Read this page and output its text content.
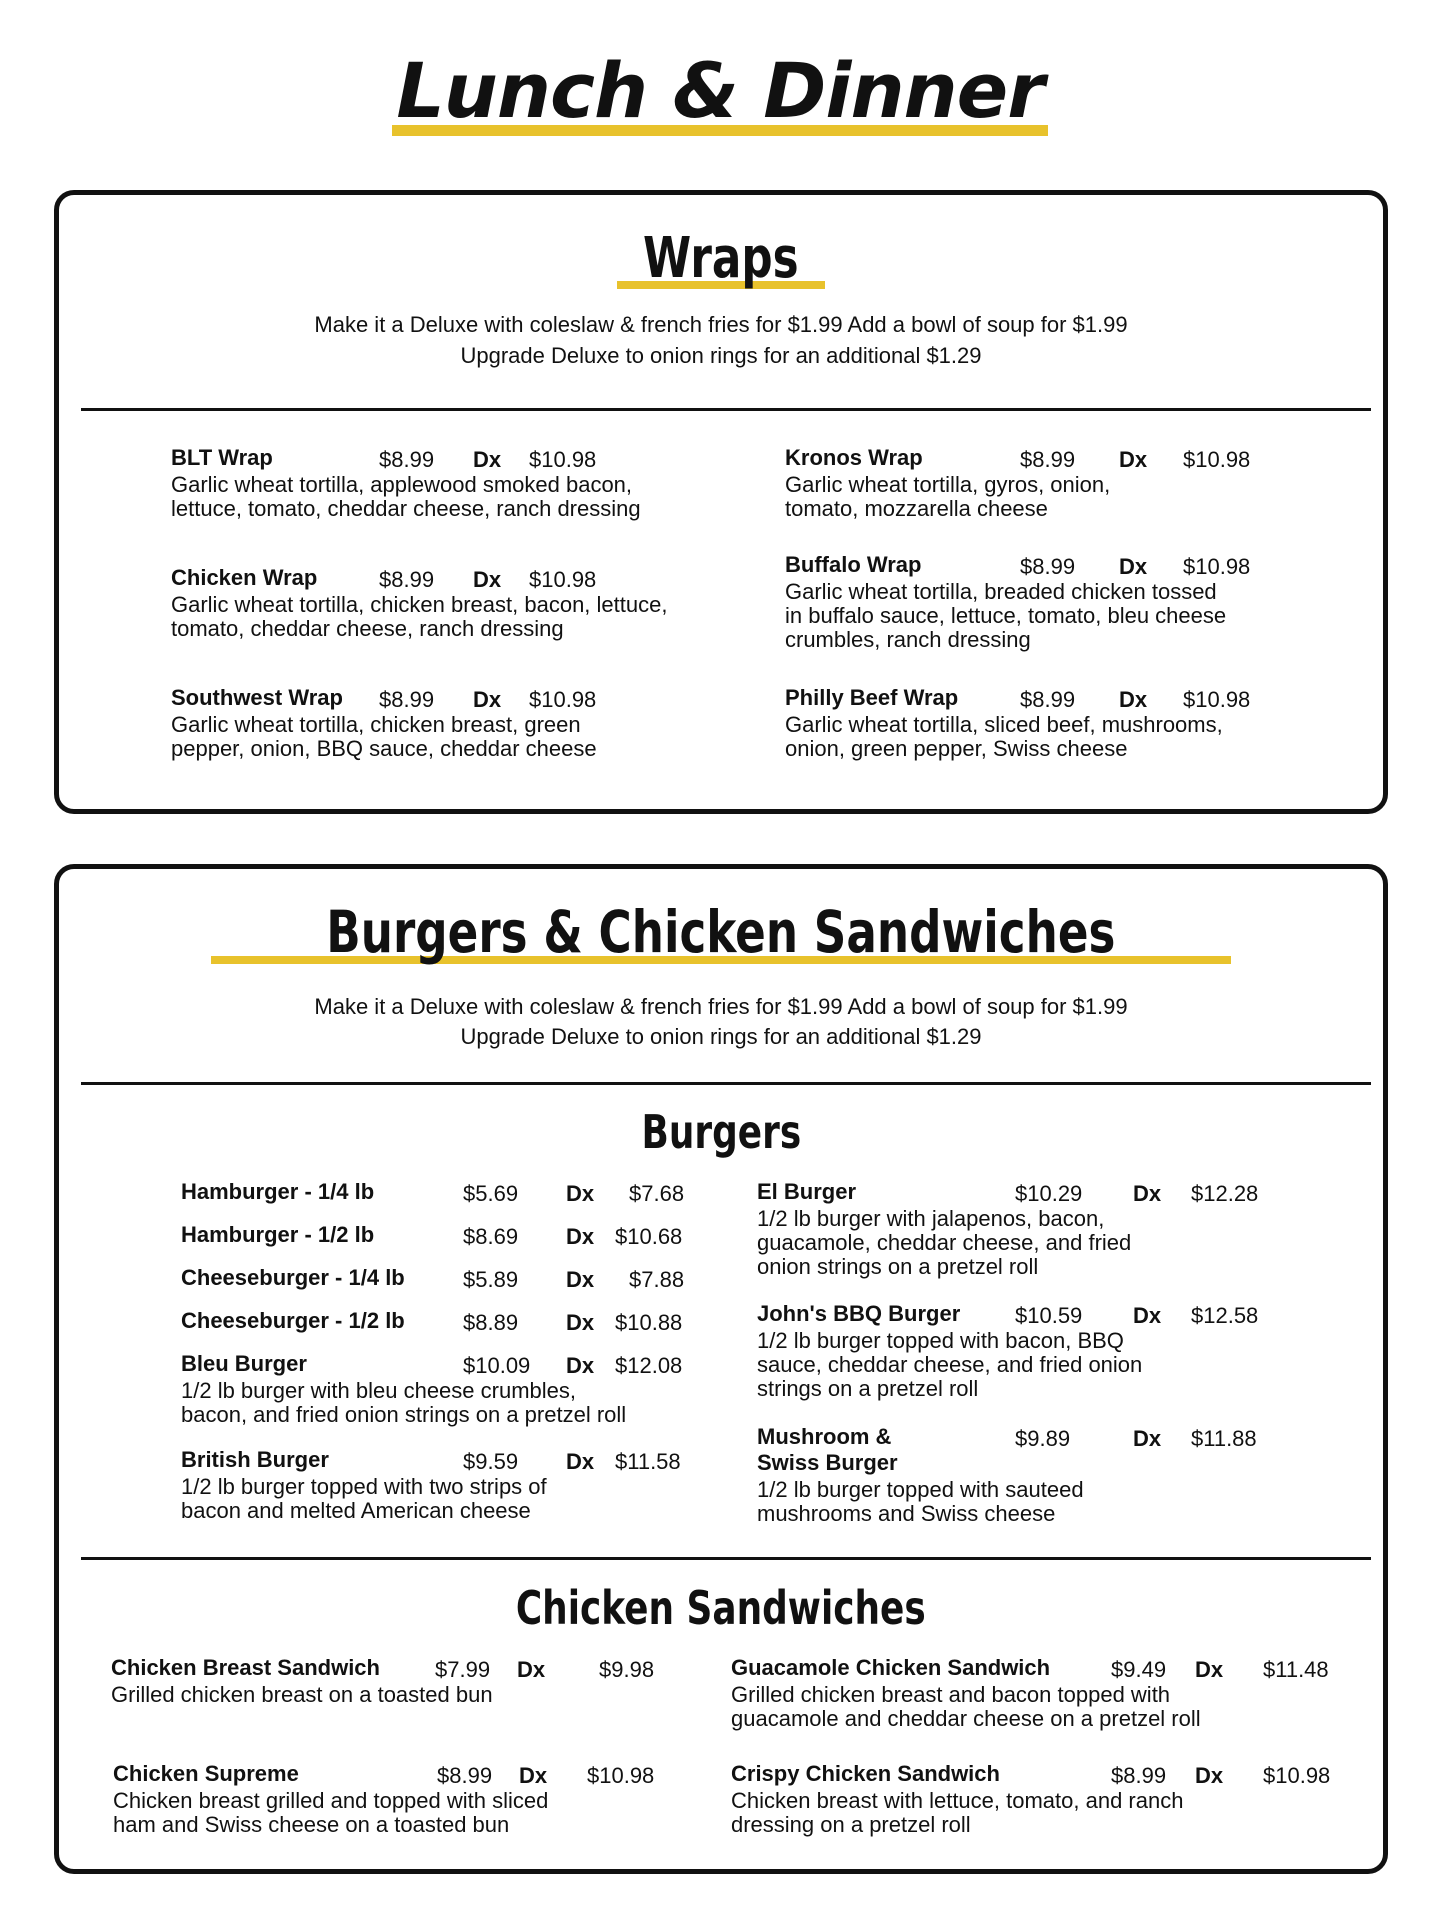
Lunch & Dinner
Wraps
Make it a Deluxe with coleslaw & french fries for $1.99 Add a bowl of soup for $1.99
Upgrade Deluxe to onion rings for an additional $1.29
BLT Wrap	$8.99 Dx $10.98
Garlic wheat tortilla, applewood smoked bacon,
lettuce, tomato, cheddar cheese, ranch dressing
Chicken Wrap	$8.99 Dx $10.98
Garlic wheat tortilla, chicken breast, bacon, lettuce,
tomato, cheddar cheese, ranch dressing
Southwest Wrap $8.99 Dx $10.98
Garlic wheat tortilla, chicken breast, green
pepper, onion, BBQ sauce, cheddar cheese
Kronos Wrap	$8.99 Dx $10.98
Garlic wheat tortilla, gyros, onion,
tomato, mozzarella cheese
Buffalo Wrap	$8.99 Dx $10.98
Garlic wheat tortilla, breaded chicken tossed
in buffalo sauce, lettuce, tomato, bleu cheese
crumbles, ranch dressing
Philly Beef Wrap	$8.99 Dx $10.98
Garlic wheat tortilla, sliced beef, mushrooms,
onion, green pepper, Swiss cheese
Burgers & Chicken Sandwiches
Make it a Deluxe with coleslaw & french fries for $1.99 Add a bowl of soup for $1.99
Upgrade Deluxe to onion rings for an additional $1.29
Burgers
Hamburger - 1/4 lb	$5.69 Dx $7.68
Hamburger - 1/2 lb	$8.69 Dx $10.68
Cheeseburger - 1/4 lb	$5.89 Dx $7.88
Cheeseburger - 1/2 lb	$8.89 Dx $10.88
Bleu Burger	$10.09 Dx $12.08
1/2 lb burger with bleu cheese crumbles,
bacon, and fried onion strings on a pretzel roll
British Burger	$9.59 Dx $11.58
1/2 lb burger topped with two strips of
bacon and melted American cheese
El Burger	$10.29 Dx $12.28
1/2 lb burger with jalapenos, bacon,
guacamole, cheddar cheese, and fried
onion strings on a pretzel roll
John's BBQ Burger $10.59 Dx $12.58
1/2 lb burger topped with bacon, BBQ
sauce, cheddar cheese, and fried onion
strings on a pretzel roll
Mushroom &
Swiss Burger
$9.89	Dx $11.88
1/2 lb burger topped with sauteed
mushrooms and Swiss cheese
Chicken Sandwiches
Chicken Breast Sandwich	$7.99 Dx $9.98
Grilled chicken breast on a toasted bun
Chicken Supreme	$8.99 Dx $10.98
Chicken breast grilled and topped with sliced
ham and Swiss cheese on a toasted bun
Guacamole Chicken Sandwich	$9.49 Dx $11.48
Grilled chicken breast and bacon topped with
guacamole and cheddar cheese on a pretzel roll
Crispy Chicken Sandwich	$8.99 Dx $10.98
Chicken breast with lettuce, tomato, and ranch
dressing on a pretzel roll
